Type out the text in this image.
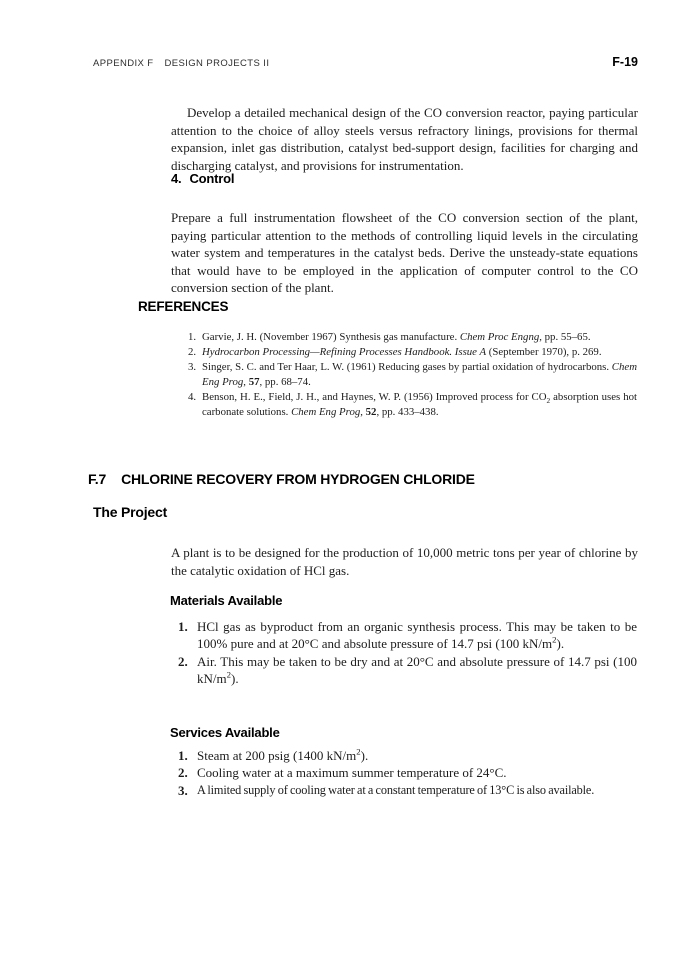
APPENDIX F DESIGN PROJECTS II	F-19

Develop a detailed mechanical design of the CO conversion reactor, paying particular attention to the choice of alloy steels versus refractory linings, provisions for thermal expansion, inlet gas distribution, catalyst bed-support design, facilities for charging and discharging catalyst, and provisions for instrumentation.

4. Control

Prepare a full instrumentation flowsheet of the CO conversion section of the plant, paying particular attention to the methods of controlling liquid levels in the circulating water system and temperatures in the catalyst beds. Derive the unsteady-state equations that would have to be employed in the application of computer control to the CO conversion section of the plant.

REFERENCES
1. Garvie, J. H. (November 1967) Synthesis gas manufacture. Chem Proc Engng, pp. 55–65.
2. Hydrocarbon Processing—Refining Processes Handbook. Issue A (September 1970), p. 269.
3. Singer, S. C. and Ter Haar, L. W. (1961) Reducing gases by partial oxidation of hydrocarbons. Chem Eng Prog, 57, pp. 68–74.
4. Benson, H. E., Field, J. H., and Haynes, W. P. (1956) Improved process for $CO_2$ absorption uses hot carbonate solutions. Chem Eng Prog, 52, pp. 433–438.
F.7 CHLORINE RECOVERY FROM HYDROGEN CHLORIDE
The Project

A plant is to be designed for the production of 10,000 metric tons per year of chlorine by the catalytic oxidation of HCl gas.

Materials Available
1. HCl gas as byproduct from an organic synthesis process. This may be taken to be 100% pure and at 20°C and absolute pressure of 14.7 psi (100 $kN/m^2$).
2. Air. This may be taken to be dry and at 20°C and absolute pressure of 14.7 psi (100 $kN/m^2$).
Services Available
1. Steam at 200 psig (1400 $kN/m^2$).
2. Cooling water at a maximum summer temperature of 24°C.
3. A limited supply of cooling water at a constant temperature of 13°C is also available.
